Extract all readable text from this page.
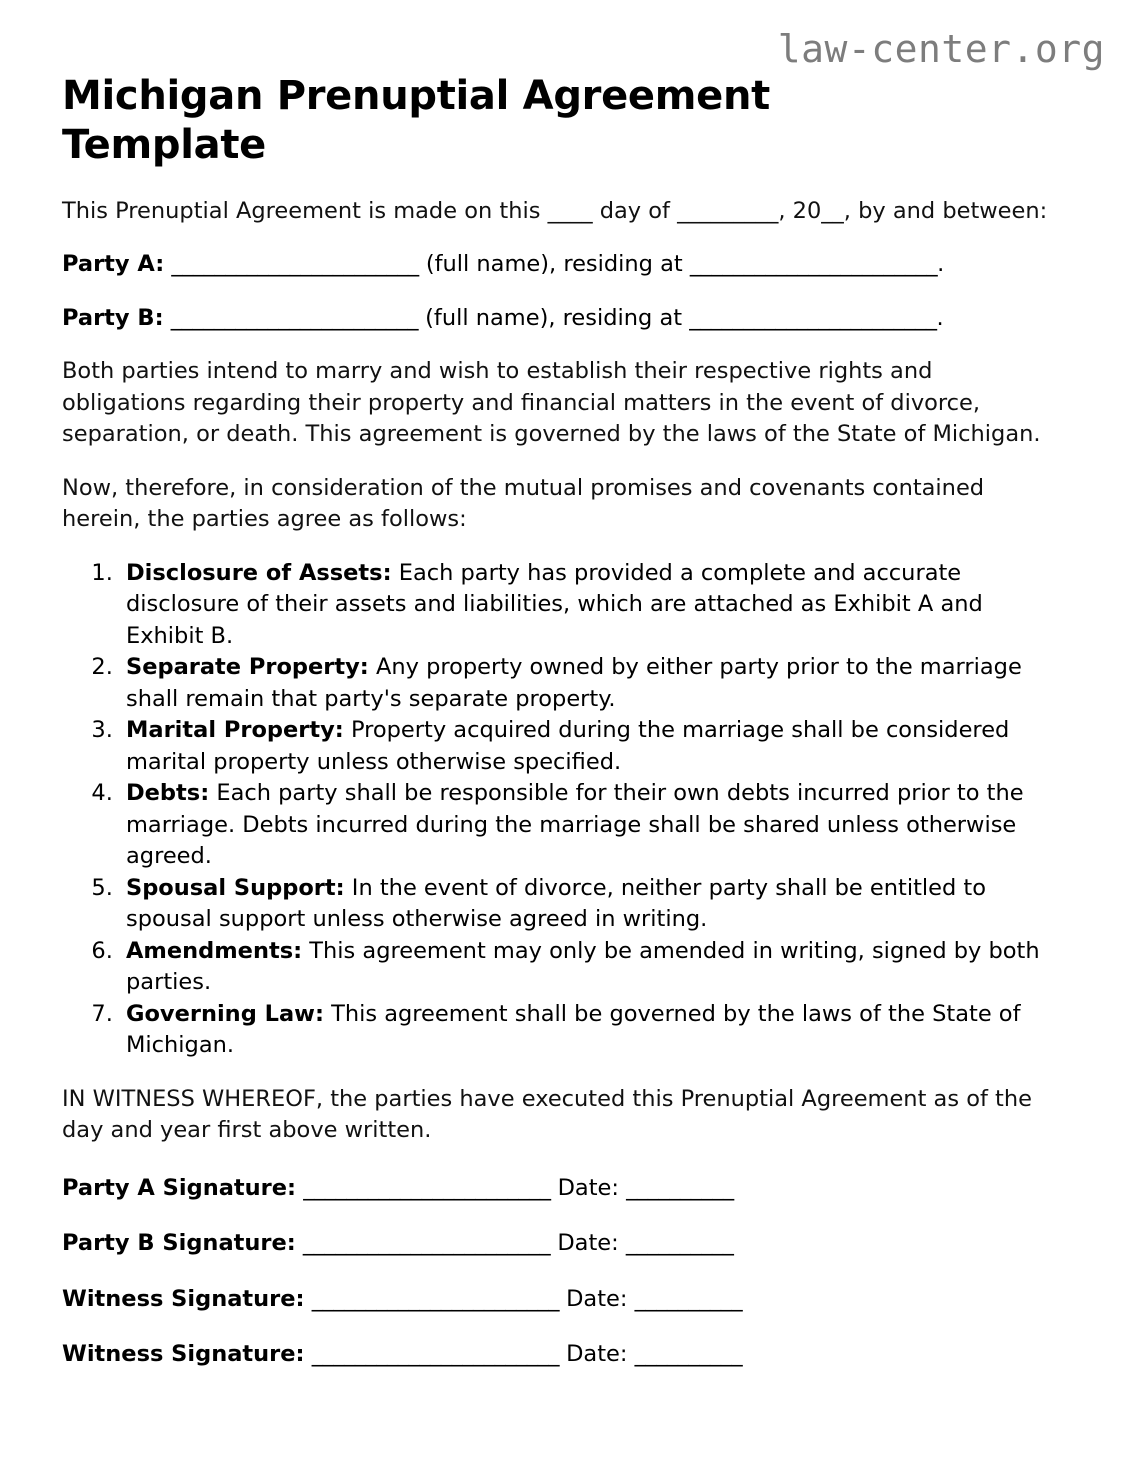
law-center.org
Michigan Prenuptial Agreement Template

This Prenuptial Agreement is made on this ____ day of _________, 20__, by and between:

Party A: _______________________ (full name), residing at _______________________.
Party B: _______________________ (full name), residing at _______________________.

Both parties intend to marry and wish to establish their respective rights and obligations regarding their property and financial matters in the event of divorce, separation, or death. This agreement is governed by the laws of the State of Michigan.

Now, therefore, in consideration of the mutual promises and covenants contained herein, the parties agree as follows:

1. Disclosure of Assets: Each party has provided a complete and accurate disclosure of their assets and liabilities, which are attached as Exhibit A and Exhibit B.
2. Separate Property: Any property owned by either party prior to the marriage shall remain that party's separate property.
3. Marital Property: Property acquired during the marriage shall be considered marital property unless otherwise specified.
4. Debts: Each party shall be responsible for their own debts incurred prior to the marriage. Debts incurred during the marriage shall be shared unless otherwise agreed.
5. Spousal Support: In the event of divorce, neither party shall be entitled to spousal support unless otherwise agreed in writing.
6. Amendments: This agreement may only be amended in writing, signed by both parties.
7. Governing Law: This agreement shall be governed by the laws of the State of Michigan.

IN WITNESS WHEREOF, the parties have executed this Prenuptial Agreement as of the day and year first above written.

Party A Signature: _______________________ Date: __________
Party B Signature: _______________________ Date: __________
Witness Signature: _______________________ Date: __________
Witness Signature: _______________________ Date: __________
